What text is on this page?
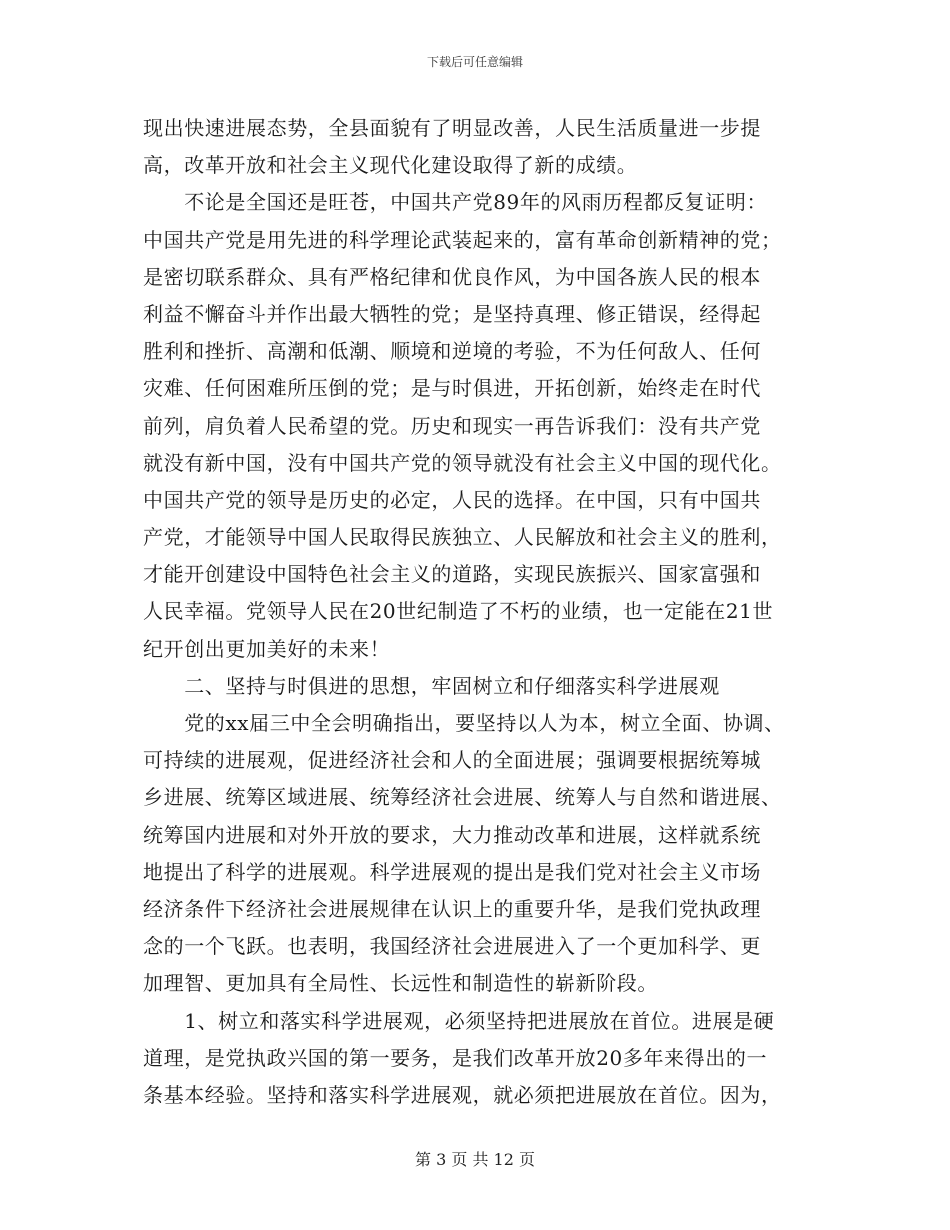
下载后可任意编辑
现出快速进展态势，全县面貌有了明显改善，人民生活质量进一步提
高，改革开放和社会主义现代化建设取得了新的成绩。
　　不论是全国还是旺苍，中国共产党89年的风雨历程都反复证明：
中国共产党是用先进的科学理论武装起来的，富有革命创新精神的党；
是密切联系群众、具有严格纪律和优良作风，为中国各族人民的根本
利益不懈奋斗并作出最大牺牲的党；是坚持真理、修正错误，经得起
胜利和挫折、高潮和低潮、顺境和逆境的考验，不为任何敌人、任何
灾难、任何困难所压倒的党；是与时俱进，开拓创新，始终走在时代
前列，肩负着人民希望的党。历史和现实一再告诉我们：没有共产党
就没有新中国，没有中国共产党的领导就没有社会主义中国的现代化。
中国共产党的领导是历史的必定，人民的选择。在中国，只有中国共
产党，才能领导中国人民取得民族独立、人民解放和社会主义的胜利，
才能开创建设中国特色社会主义的道路，实现民族振兴、国家富强和
人民幸福。党领导人民在20世纪制造了不朽的业绩，也一定能在21世
纪开创出更加美好的未来！
　　二、坚持与时俱进的思想，牢固树立和仔细落实科学进展观
　　党的xx届三中全会明确指出，要坚持以人为本，树立全面、协调、
可持续的进展观，促进经济社会和人的全面进展；强调要根据统筹城
乡进展、统筹区域进展、统筹经济社会进展、统筹人与自然和谐进展、
统筹国内进展和对外开放的要求，大力推动改革和进展，这样就系统
地提出了科学的进展观。科学进展观的提出是我们党对社会主义市场
经济条件下经济社会进展规律在认识上的重要升华，是我们党执政理
念的一个飞跃。也表明，我国经济社会进展进入了一个更加科学、更
加理智、更加具有全局性、长远性和制造性的崭新阶段。
　　1、树立和落实科学进展观，必须坚持把进展放在首位。进展是硬
道理，是党执政兴国的第一要务，是我们改革开放20多年来得出的一
条基本经验。坚持和落实科学进展观，就必须把进展放在首位。因为，
第 3 页 共 12 页
